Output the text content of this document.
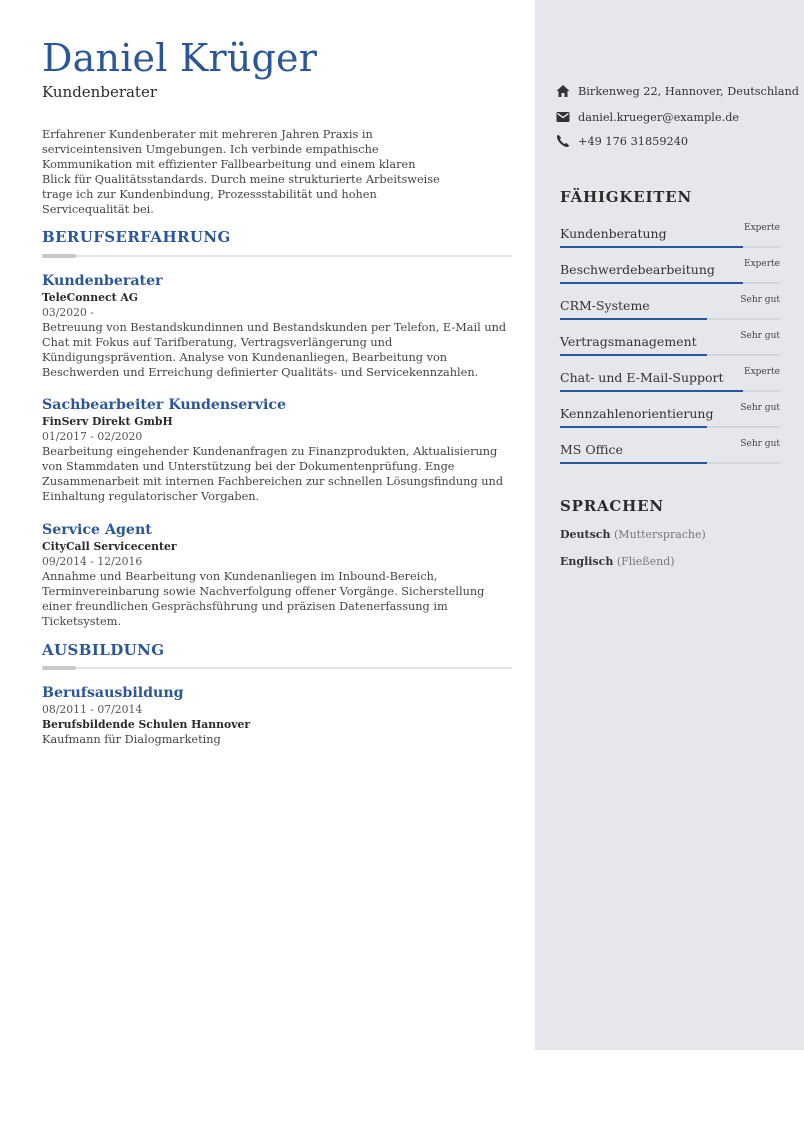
Daniel Krüger
Kundenberater
Erfahrener Kundenberater mit mehreren Jahren Praxis in serviceintensiven Umgebungen. Ich verbinde empathische Kommunikation mit effizienter Fallbearbeitung und einem klaren Blick für Qualitätsstandards. Durch meine strukturierte Arbeitsweise trage ich zur Kundenbindung, Prozessstabilität und hohen Servicequalität bei.
BERUFSERFAHRUNG
Kundenberater
TeleConnect AG
03/2020 -
Betreuung von Bestandskundinnen und Bestandskunden per Telefon, E-Mail und Chat mit Fokus auf Tarifberatung, Vertragsverlängerung und Kündigungsprävention. Analyse von Kundenanliegen, Bearbeitung von Beschwerden und Erreichung definierter Qualitäts- und Servicekennzahlen.
Sachbearbeiter Kundenservice
FinServ Direkt GmbH
01/2017 - 02/2020
Bearbeitung eingehender Kundenanfragen zu Finanzprodukten, Aktualisierung von Stammdaten und Unterstützung bei der Dokumentenprüfung. Enge Zusammenarbeit mit internen Fachbereichen zur schnellen Lösungsfindung und Einhaltung regulatorischer Vorgaben.
Service Agent
CityCall Servicecenter
09/2014 - 12/2016
Annahme und Bearbeitung von Kundenanliegen im Inbound-Bereich, Terminvereinbarung sowie Nachverfolgung offener Vorgänge. Sicherstellung einer freundlichen Gesprächsführung und präzisen Datenerfassung im Ticketsystem.
AUSBILDUNG
Berufsausbildung
08/2011 - 07/2014
Berufsbildende Schulen Hannover
Kaufmann für Dialogmarketing
Birkenweg 22, Hannover, Deutschland
daniel.krueger@example.de
+49 176 31859240
FÄHIGKEITEN
Kundenberatung	Experte
Beschwerdebearbeitung	Experte
CRM-Systeme	Sehr gut
Vertragsmanagement	Sehr gut
Chat- und E-Mail-Support Experte
Kennzahlenorientierung	Sehr gut
MS Office	Sehr gut
SPRACHEN
Deutsch (Muttersprache)
Englisch (Fließend)
